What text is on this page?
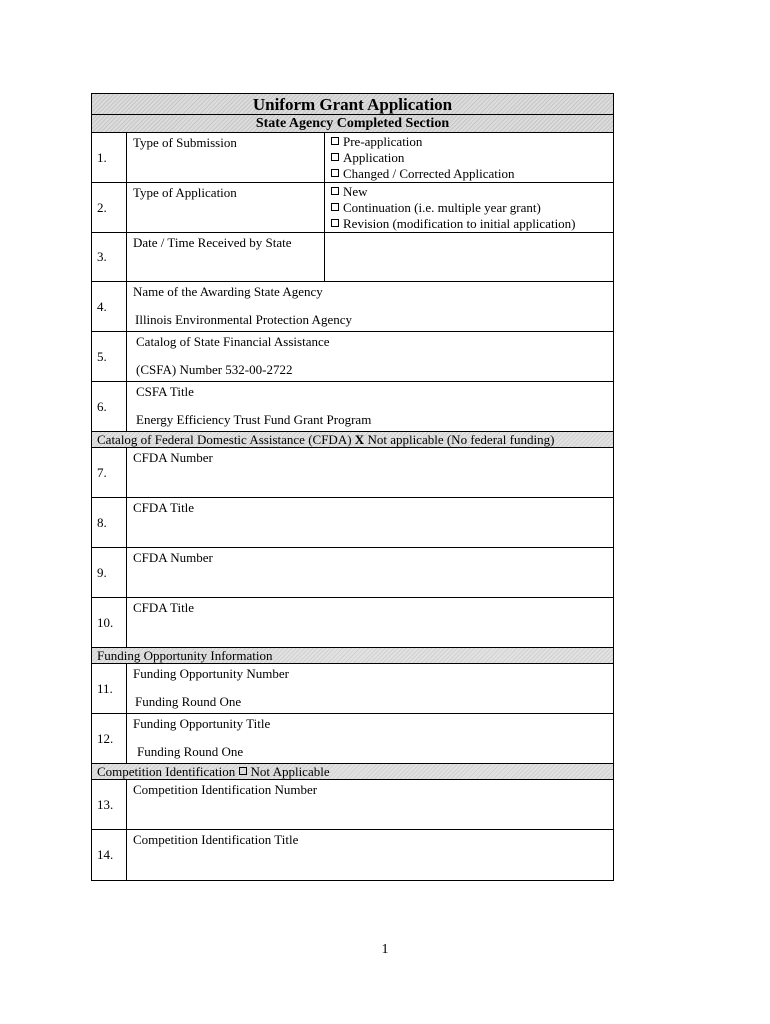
Uniform Grant Application
State Agency Completed Section
1.
Type of Submission	Pre-application
Application
Changed / Corrected Application
2.
Type of Application	New
Continuation (i.e. multiple year grant)
Revision (modification to initial application)
3.
Date / Time Received by State
4.
Name of the Awarding State Agency
Illinois Environmental Protection Agency
5.
Catalog of State Financial Assistance
(CSFA) Number 532-00-2722
6.
CSFA Title
Energy Efficiency Trust Fund Grant Program
Catalog of Federal Domestic Assistance (CFDA) X Not applicable (No federal funding)
7.
CFDA Number
8.
CFDA Title
9.
CFDA Number
10.
CFDA Title
Funding Opportunity Information
11.
Funding Opportunity Number
Funding Round One
12.
Funding Opportunity Title
Funding Round One
Competition Identification Not Applicable
13.
Competition Identification Number
14.
Competition Identification Title
1
